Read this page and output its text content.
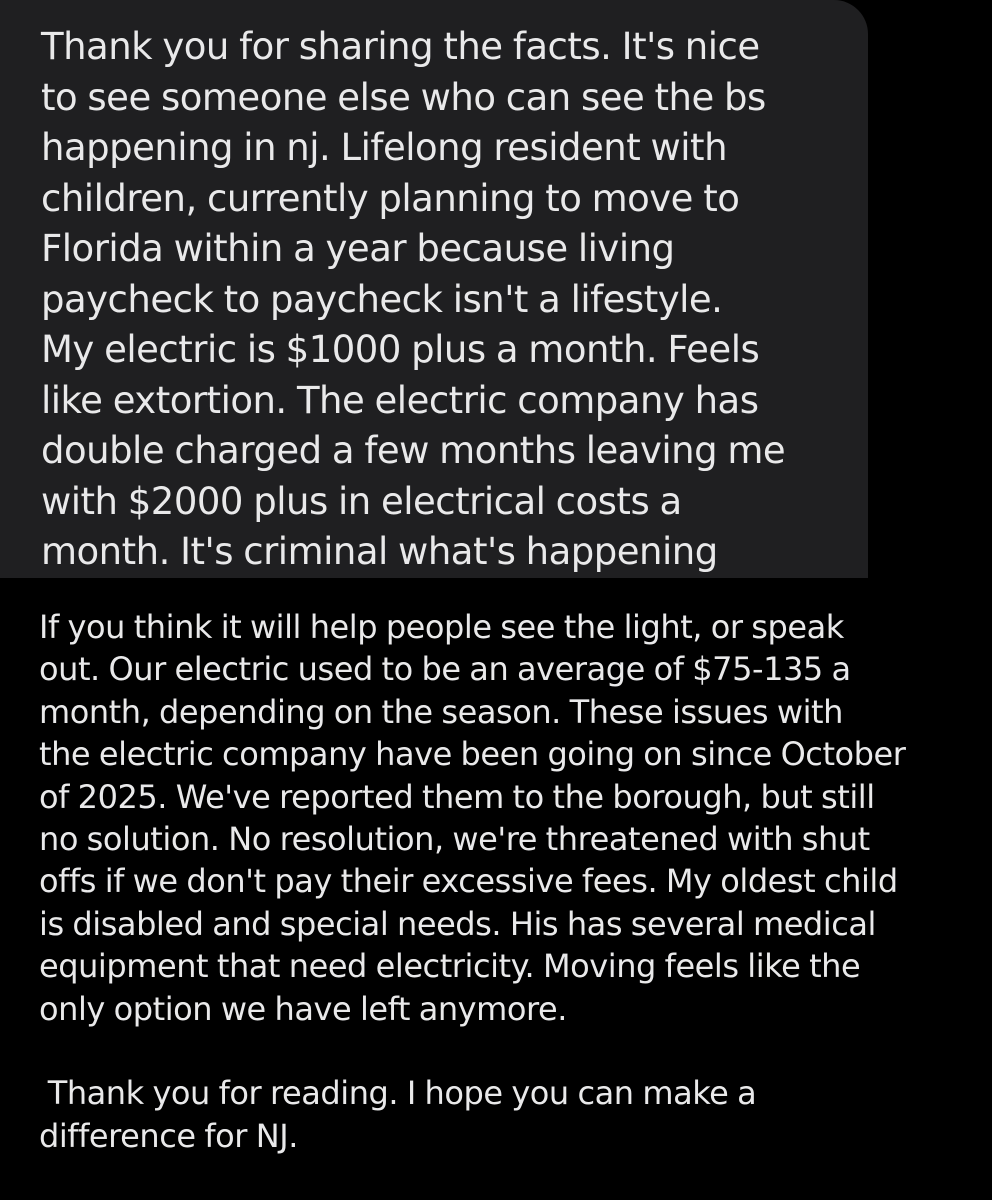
Thank you for sharing the facts. It's nice
to see someone else who can see the bs
happening in nj. Lifelong resident with
children, currently planning to move to
Florida within a year because living
paycheck to paycheck isn't a lifestyle.
My electric is $1000 plus a month. Feels
like extortion. The electric company has
double charged a few months leaving me
with $2000 plus in electrical costs a
month. It's criminal what's happening

If you think it will help people see the light, or speak
out. Our electric used to be an average of $75-135 a
month, depending on the season. These issues with
the electric company have been going on since October
of 2025. We've reported them to the borough, but still
no solution. No resolution, we're threatened with shut
offs if we don't pay their excessive fees. My oldest child
is disabled and special needs. His has several medical
equipment that need electricity. Moving feels like the
only option we have left anymore.

Thank you for reading. I hope you can make a
difference for NJ.
